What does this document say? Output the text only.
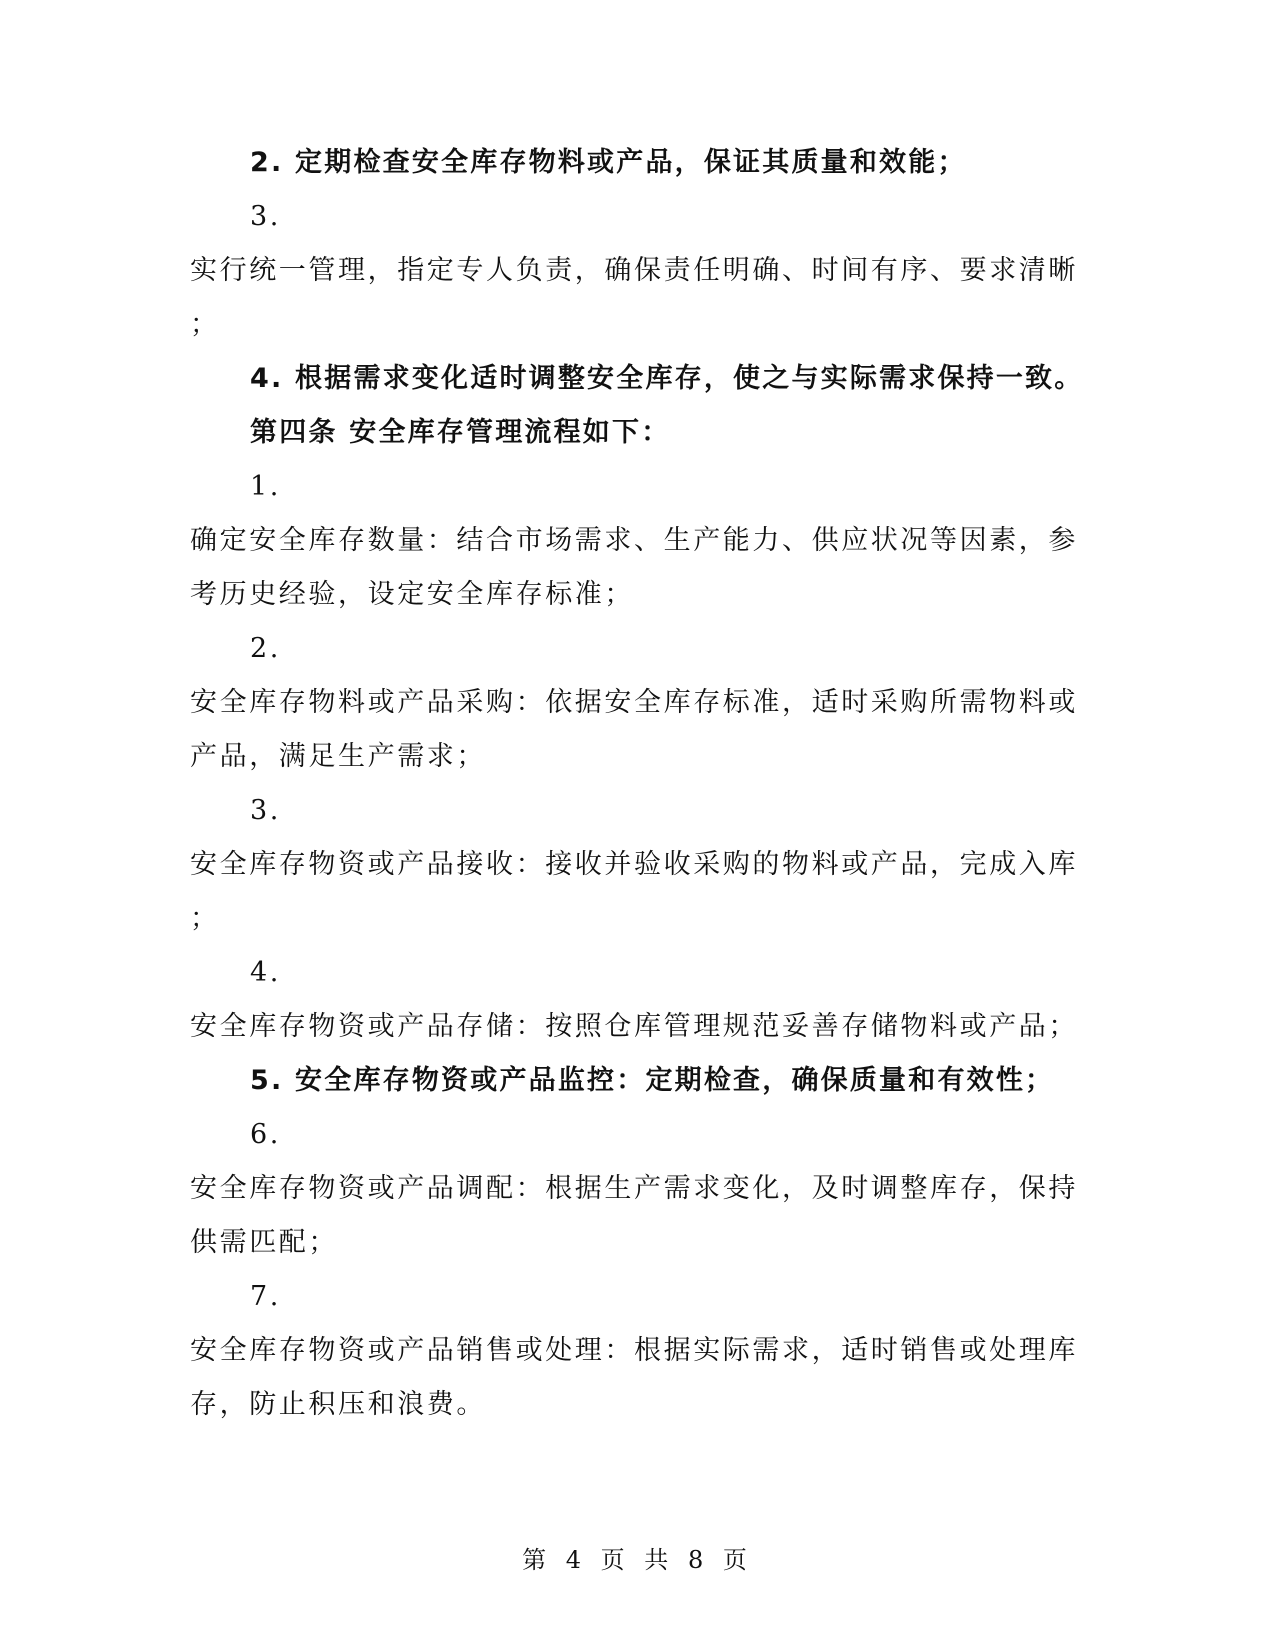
2. 定期检查安全库存物料或产品，保证其质量和效能；
3.
实行统一管理，指定专人负责，确保责任明确、时间有序、要求清晰
；
4. 根据需求变化适时调整安全库存，使之与实际需求保持一致。
第四条 安全库存管理流程如下：
1.
确定安全库存数量：结合市场需求、生产能力、供应状况等因素，参
考历史经验，设定安全库存标准；
2.
安全库存物料或产品采购：依据安全库存标准，适时采购所需物料或
产品，满足生产需求；
3.
安全库存物资或产品接收：接收并验收采购的物料或产品，完成入库
；
4.
安全库存物资或产品存储：按照仓库管理规范妥善存储物料或产品；
5. 安全库存物资或产品监控：定期检查，确保质量和有效性；
6.
安全库存物资或产品调配：根据生产需求变化，及时调整库存，保持
供需匹配；
7.
安全库存物资或产品销售或处理：根据实际需求，适时销售或处理库
存，防止积压和浪费。
第 4 页 共 8 页
